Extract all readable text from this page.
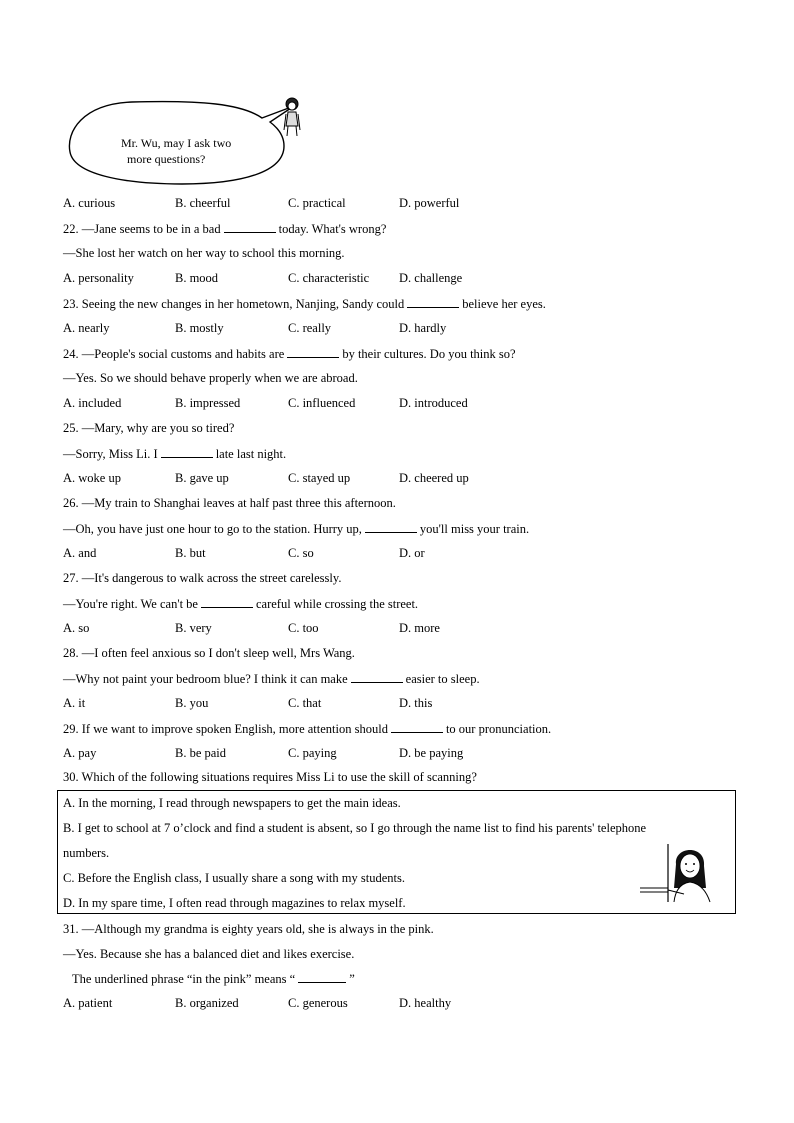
Mr. Wu, may I ask two
more questions?
A. curious	B. cheerful	C. practical	D. powerful
22. —Jane seems to be in a bad	today. What's wrong?
—She lost her watch on her way to school this morning.
A. personality	B. mood	C. characteristic D. challenge
23. Seeing the new changes in her hometown, Nanjing, Sandy could	believe her eyes.
A. nearly	B. mostly	C. really	D. hardly
24. —People's social customs and habits are	by their cultures. Do you think so?
—Yes. So we should behave properly when we are abroad.
A. included	B. impressed	C. influenced	D. introduced
25. —Mary, why are you so tired?
—Sorry, Miss Li. I	late last night.
A. woke up	B. gave up	C. stayed up	D. cheered up
26. —My train to Shanghai leaves at half past three this afternoon.
—Oh, you have just one hour to go to the station. Hurry up,	you'll miss your train.
A. and	B. but	C. so	D. or
27. —It's dangerous to walk across the street carelessly.
—You're right. We can't be	careful while crossing the street.
A. so	B. very	C. too	D. more
28. —I often feel anxious so I don't sleep well, Mrs Wang.
—Why not paint your bedroom blue? I think it can make	easier to sleep.
A. it	B. you	C. that	D. this
29. If we want to improve spoken English, more attention should	to our pronunciation.
A. pay	B. be paid	C. paying	D. be paying
30. Which of the following situations requires Miss Li to use the skill of scanning?
A. In the morning, I read through newspapers to get the main ideas.
B. I get to school at 7 o’clock and find a student is absent, so I go through the name list to find his parents' telephone
numbers.
C. Before the English class, I usually share a song with my students.
D. In my spare time, I often read through magazines to relax myself.
31. —Although my grandma is eighty years old, she is always in the pink.
—Yes. Because she has a balanced diet and likes exercise.
The underlined phrase “in the pink” means “	”
A. patient	B. organized	C. generous	D. healthy
